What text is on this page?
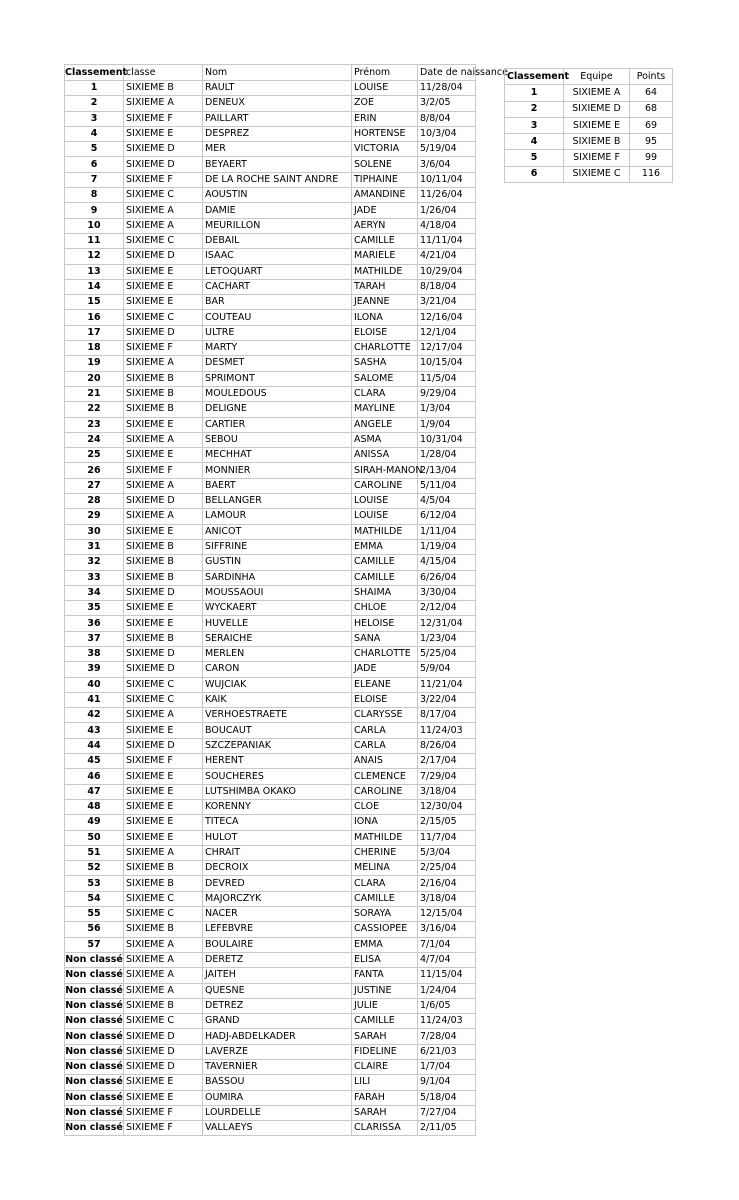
Classement	classe	Nom	Prénom	Date de naissance
1	SIXIEME B	RAULT	LOUISE	11/28/04
2	SIXIEME A	DENEUX	ZOE	3/2/05
3	SIXIEME F	PAILLART	ERIN	8/8/04
4	SIXIEME E	DESPREZ	HORTENSE	10/3/04
5	SIXIEME D	MER	VICTORIA	5/19/04
6	SIXIEME D	BEYAERT	SOLENE	3/6/04
7	SIXIEME F	DE LA ROCHE SAINT ANDRE	TIPHAINE	10/11/04
8	SIXIEME C	AOUSTIN	AMANDINE	11/26/04
9	SIXIEME A	DAMIE	JADE	1/26/04
10	SIXIEME A	MEURILLON	AERYN	4/18/04
11	SIXIEME C	DEBAIL	CAMILLE	11/11/04
12	SIXIEME D	ISAAC	MARIELE	4/21/04
13	SIXIEME E	LETOQUART	MATHILDE	10/29/04
14	SIXIEME E	CACHART	TARAH	8/18/04
15	SIXIEME E	BAR	JEANNE	3/21/04
16	SIXIEME C	COUTEAU	ILONA	12/16/04
17	SIXIEME D	ULTRE	ELOISE	12/1/04
18	SIXIEME F	MARTY	CHARLOTTE	12/17/04
19	SIXIEME A	DESMET	SASHA	10/15/04
20	SIXIEME B	SPRIMONT	SALOME	11/5/04
21	SIXIEME B	MOULEDOUS	CLARA	9/29/04
22	SIXIEME B	DELIGNE	MAYLINE	1/3/04
23	SIXIEME E	CARTIER	ANGELE	1/9/04
24	SIXIEME A	SEBOU	ASMA	10/31/04
25	SIXIEME E	MECHHAT	ANISSA	1/28/04
26	SIXIEME F	MONNIER	SIRAH-MANON	2/13/04
27	SIXIEME A	BAERT	CAROLINE	5/11/04
28	SIXIEME D	BELLANGER	LOUISE	4/5/04
29	SIXIEME A	LAMOUR	LOUISE	6/12/04
30	SIXIEME E	ANICOT	MATHILDE	1/11/04
31	SIXIEME B	SIFFRINE	EMMA	1/19/04
32	SIXIEME B	GUSTIN	CAMILLE	4/15/04
33	SIXIEME B	SARDINHA	CAMILLE	6/26/04
34	SIXIEME D	MOUSSAOUI	SHAIMA	3/30/04
35	SIXIEME E	WYCKAERT	CHLOE	2/12/04
36	SIXIEME E	HUVELLE	HELOISE	12/31/04
37	SIXIEME B	SERAICHE	SANA	1/23/04
38	SIXIEME D	MERLEN	CHARLOTTE	5/25/04
39	SIXIEME D	CARON	JADE	5/9/04
40	SIXIEME C	WUJCIAK	ELEANE	11/21/04
41	SIXIEME C	KAIK	ELOISE	3/22/04
42	SIXIEME A	VERHOESTRAETE	CLARYSSE	8/17/04
43	SIXIEME E	BOUCAUT	CARLA	11/24/03
44	SIXIEME D	SZCZEPANIAK	CARLA	8/26/04
45	SIXIEME F	HERENT	ANAIS	2/17/04
46	SIXIEME E	SOUCHERES	CLEMENCE	7/29/04
47	SIXIEME E	LUTSHIMBA OKAKO	CAROLINE	3/18/04
48	SIXIEME E	KORENNY	CLOE	12/30/04
49	SIXIEME E	TITECA	IONA	2/15/05
50	SIXIEME E	HULOT	MATHILDE	11/7/04
51	SIXIEME A	CHRAIT	CHERINE	5/3/04
52	SIXIEME B	DECROIX	MELINA	2/25/04
53	SIXIEME B	DEVRED	CLARA	2/16/04
54	SIXIEME C	MAJORCZYK	CAMILLE	3/18/04
55	SIXIEME C	NACER	SORAYA	12/15/04
56	SIXIEME B	LEFEBVRE	CASSIOPEE	3/16/04
57	SIXIEME A	BOULAIRE	EMMA	7/1/04
Non classé	SIXIEME A	DERETZ	ELISA	4/7/04
Non classé	SIXIEME A	JAITEH	FANTA	11/15/04
Non classé	SIXIEME A	QUESNE	JUSTINE	1/24/04
Non classé	SIXIEME B	DETREZ	JULIE	1/6/05
Non classé	SIXIEME C	GRAND	CAMILLE	11/24/03
Non classé	SIXIEME D	HADJ-ABDELKADER	SARAH	7/28/04
Non classé	SIXIEME D	LAVERZE	FIDELINE	6/21/03
Non classé	SIXIEME D	TAVERNIER	CLAIRE	1/7/04
Non classé	SIXIEME E	BASSOU	LILI	9/1/04
Non classé	SIXIEME E	OUMIRA	FARAH	5/18/04
Non classé	SIXIEME F	LOURDELLE	SARAH	7/27/04
Non classé	SIXIEME F	VALLAEYS	CLARISSA	2/11/05
Classement	Equipe	Points
1	SIXIEME A	64
2	SIXIEME D	68
3	SIXIEME E	69
4	SIXIEME B	95
5	SIXIEME F	99
6	SIXIEME C	116
